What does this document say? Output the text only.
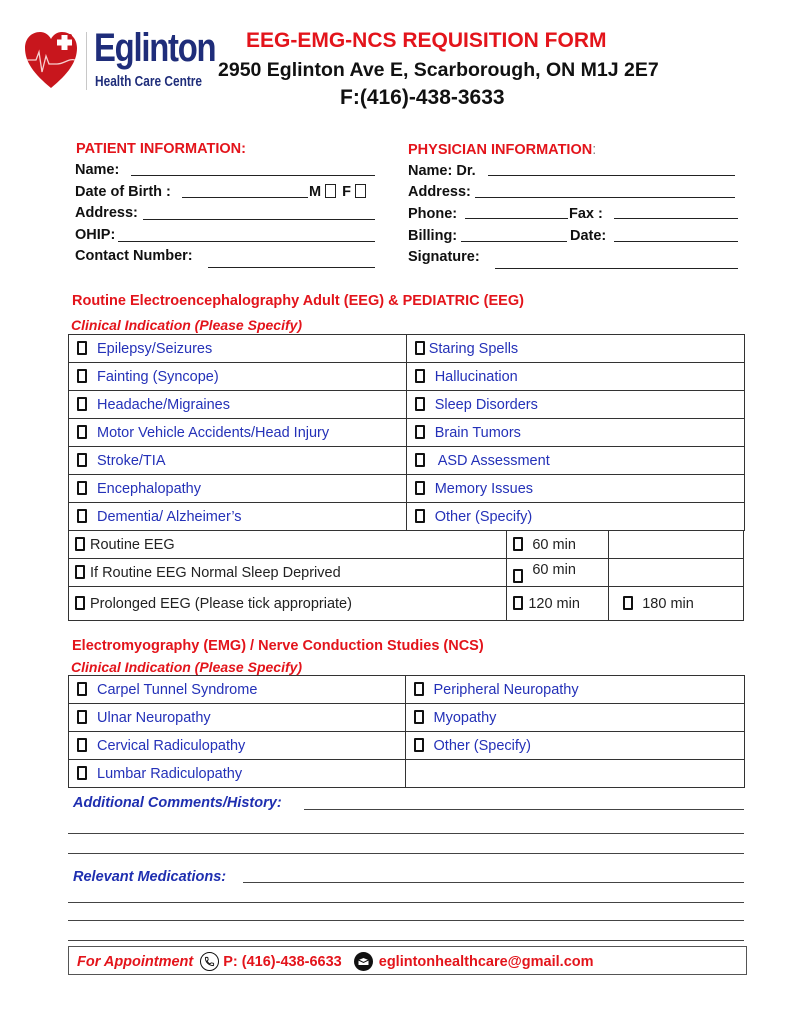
Eglinton
Health Care Centre
EEG-EMG-NCS REQUISITION FORM
2950 Eglinton Ave E, Scarborough, ON M1J 2E7
F:(416)-438-3633
PATIENT INFORMATION:
Name:
Date of Birth :	M F
Address:
OHIP:
Contact Number:
PHYSICIAN INFORMATION:
Name: Dr.
Address:
Phone:	Fax :
Billing:	Date:
Signature:
Routine Electroencephalography Adult (EEG) & PEDIATRIC (EEG)
Clinical Indication (Please Specify)
Epilepsy/Seizures	Staring Spells
Fainting (Syncope)	Hallucination
Headache/Migraines	Sleep Disorders
Motor Vehicle Accidents/Head Injury	Brain Tumors
Stroke/TIA	ASD Assessment
Encephalopathy	Memory Issues
Dementia/ Alzheimer’s	Other (Specify)
Routine EEG	60 min	
If Routine EEG Normal Sleep Deprived	60 min	
Prolonged EEG (Please tick appropriate)	120 min	180 min
Electromyography (EMG) / Nerve Conduction Studies (NCS)
Clinical Indication (Please Specify)
Carpel Tunnel Syndrome	Peripheral Neuropathy
Ulnar Neuropathy	Myopathy
Cervical Radiculopathy	Other (Specify)
Lumbar Radiculopathy	
Additional Comments/History:
Relevant Medications:
For Appointment P: (416)-438-6633	eglintonhealthcare@gmail.com
